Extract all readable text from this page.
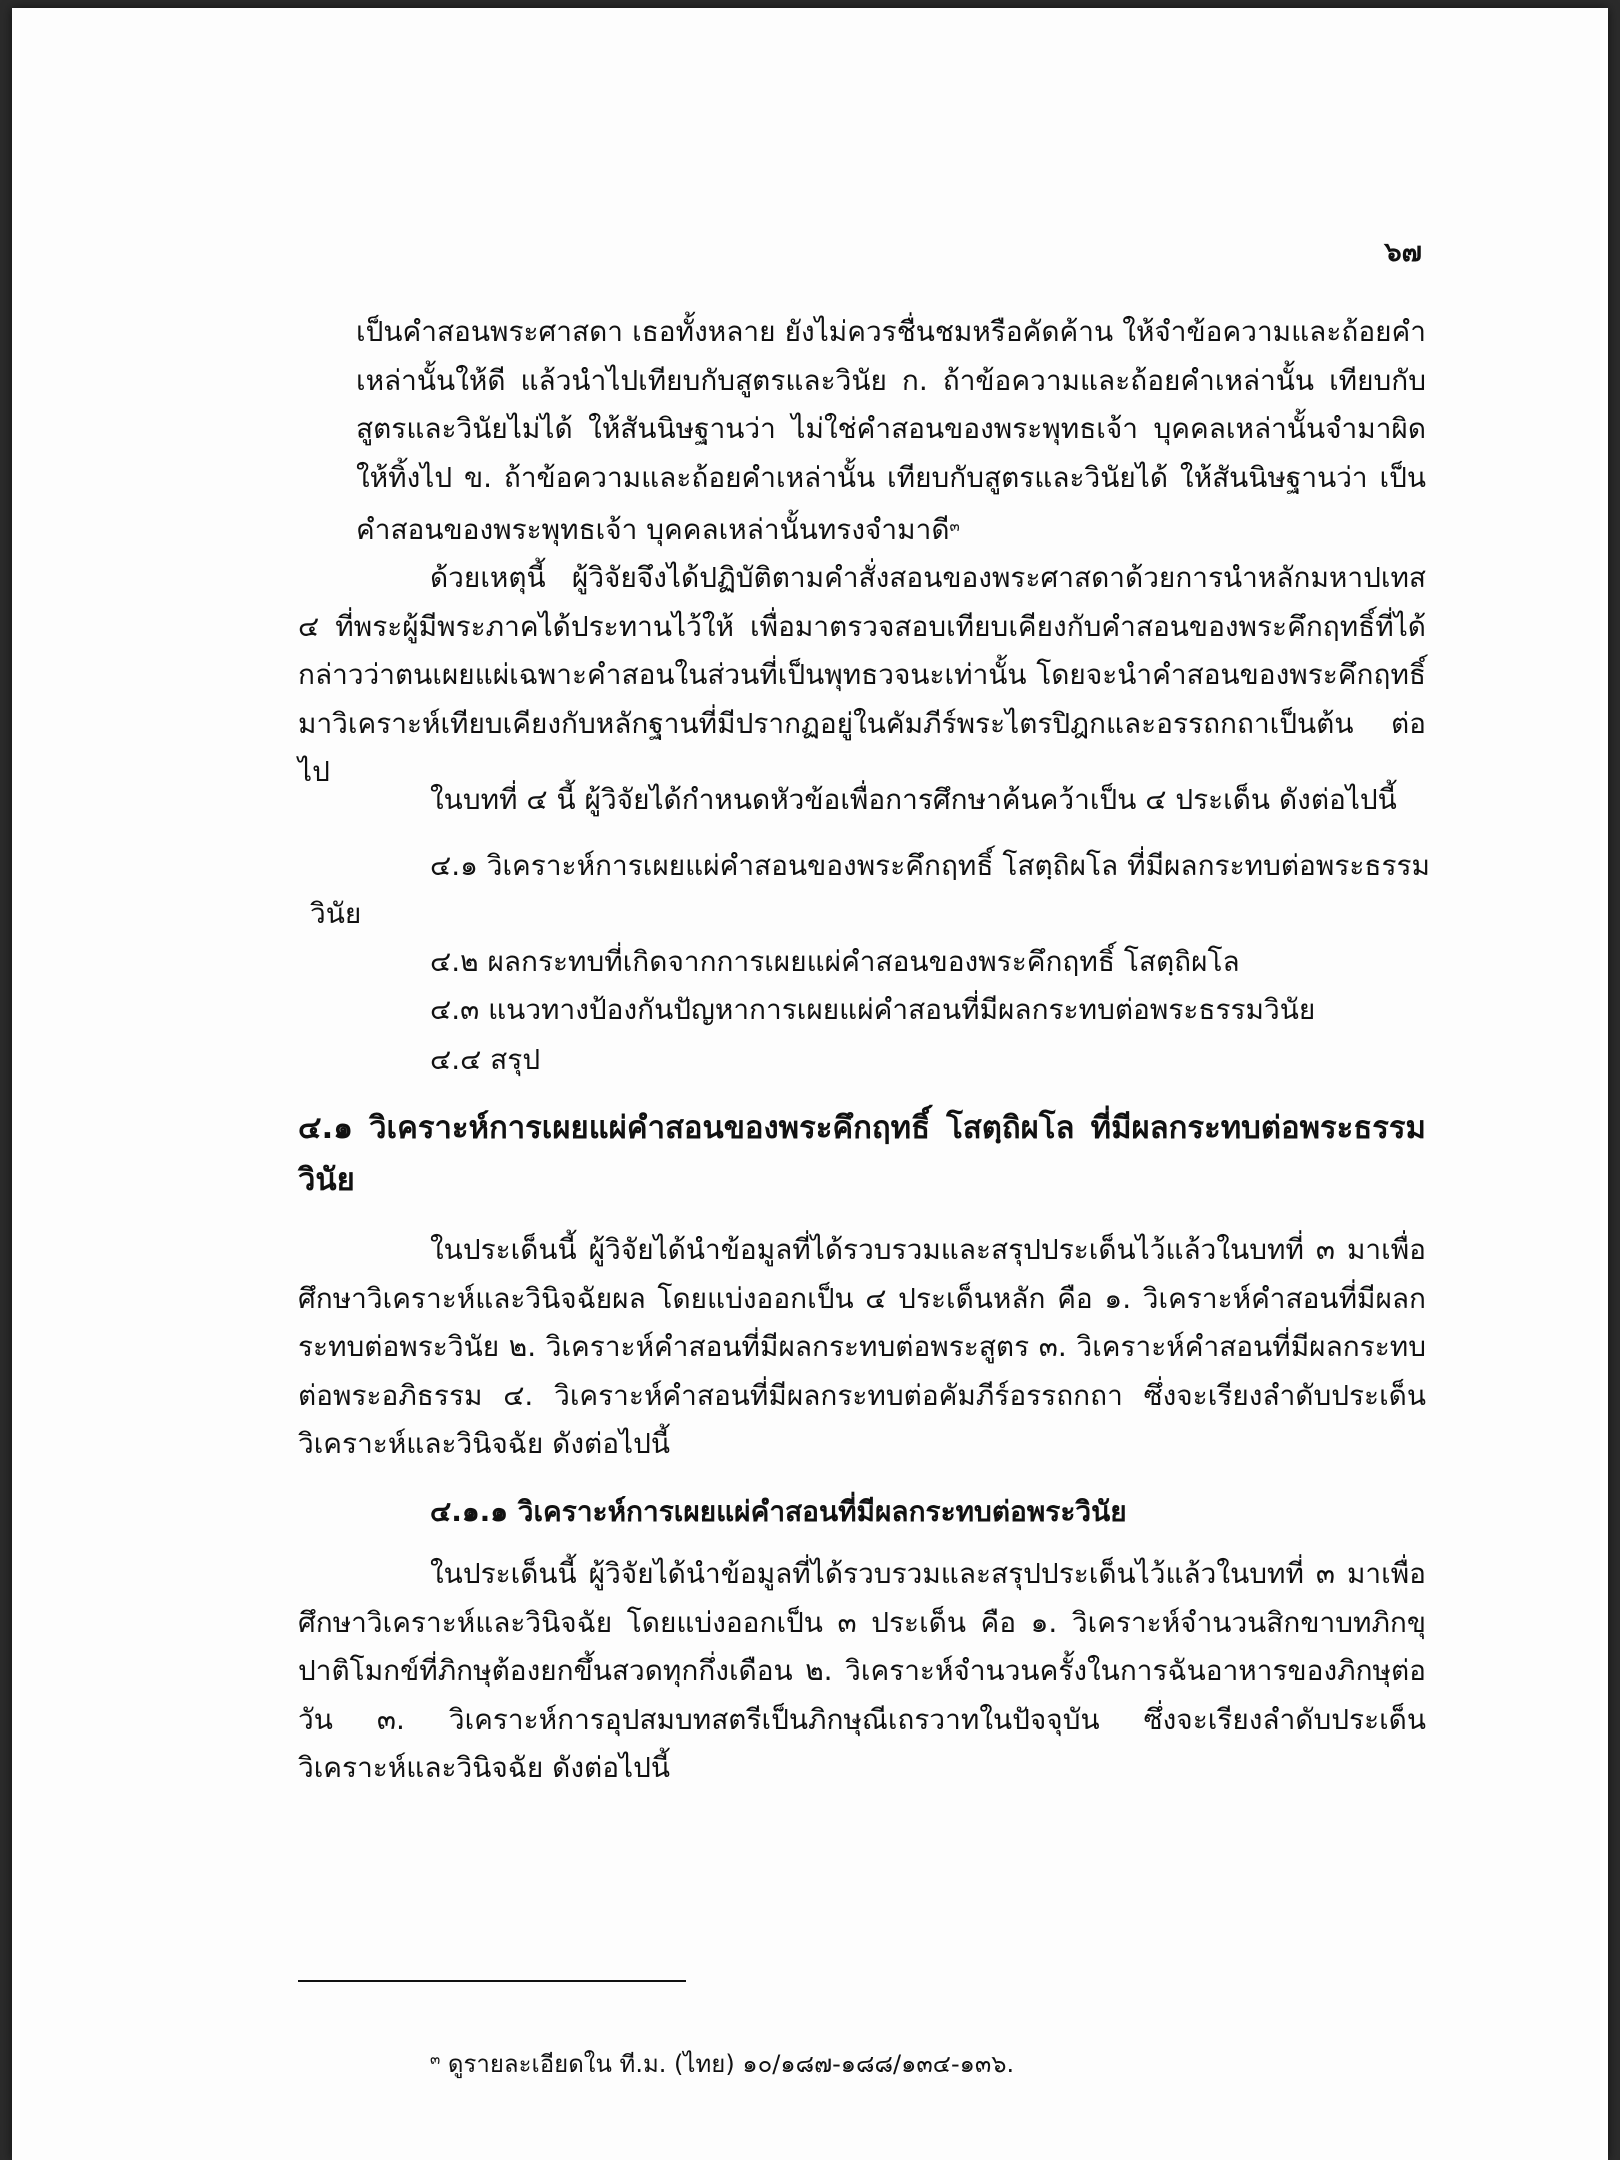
๖๗

เป็นคำสอนพระศาสดา เธอทั้งหลาย ยังไม่ควรชื่นชมหรือคัดค้าน ให้จำข้อความและถ้อยคำเหล่านั้นให้ดี แล้วนำไปเทียบกับสูตรและวินัย ก. ถ้าข้อความและถ้อยคำเหล่านั้น เทียบกับสูตรและวินัยไม่ได้ ให้สันนิษฐานว่า ไม่ใช่คำสอนของพระพุทธเจ้า บุคคลเหล่านั้นจำมาผิด ให้ทิ้งไป ข. ถ้าข้อความและถ้อยคำเหล่านั้น เทียบกับสูตรและวินัยได้ ให้สันนิษฐานว่า เป็นคำสอนของพระพุทธเจ้า บุคคลเหล่านั้นทรงจำมาดี$^๓$

ด้วยเหตุนี้ ผู้วิจัยจึงได้ปฏิบัติตามคำสั่งสอนของพระศาสดาด้วยการนำหลักมหาปเทส ๔ ที่พระผู้มีพระภาคได้ประทานไว้ให้ เพื่อมาตรวจสอบเทียบเคียงกับคำสอนของพระคึกฤทธิ์ที่ได้กล่าวว่าตนเผยแผ่เฉพาะคำสอนในส่วนที่เป็นพุทธวจนะเท่านั้น โดยจะนำคำสอนของพระคึกฤทธิ์มาวิเคราะห์เทียบเคียงกับหลักฐานที่มีปรากฏอยู่ในคัมภีร์พระไตรปิฎกและอรรถกถาเป็นต้น ต่อไป

ในบทที่ ๔ นี้ ผู้วิจัยได้กำหนดหัวข้อเพื่อการศึกษาค้นคว้าเป็น ๔ ประเด็น ดังต่อไปนี้

๔.๑ วิเคราะห์การเผยแผ่คำสอนของพระคึกฤทธิ์ โสตฺถิผโล ที่มีผลกระทบต่อพระธรรม

วินัย

๔.๒ ผลกระทบที่เกิดจากการเผยแผ่คำสอนของพระคึกฤทธิ์ โสตฺถิผโล

๔.๓ แนวทางป้องกันปัญหาการเผยแผ่คำสอนที่มีผลกระทบต่อพระธรรมวินัย

๔.๔ สรุป

๔.๑ วิเคราะห์การเผยแผ่คำสอนของพระคึกฤทธิ์ โสตฺถิผโล ที่มีผลกระทบต่อพระธรรมวินัย

ในประเด็นนี้ ผู้วิจัยได้นำข้อมูลที่ได้รวบรวมและสรุปประเด็นไว้แล้วในบทที่ ๓ มาเพื่อศึกษาวิเคราะห์และวินิจฉัยผล โดยแบ่งออกเป็น ๔ ประเด็นหลัก คือ ๑. วิเคราะห์คำสอนที่มีผลกระทบต่อพระวินัย ๒. วิเคราะห์คำสอนที่มีผลกระทบต่อพระสูตร ๓. วิเคราะห์คำสอนที่มีผลกระทบต่อพระอภิธรรม ๔. วิเคราะห์คำสอนที่มีผลกระทบต่อคัมภีร์อรรถกถา ซึ่งจะเรียงลำดับประเด็นวิเคราะห์และวินิจฉัย ดังต่อไปนี้

๔.๑.๑ วิเคราะห์การเผยแผ่คำสอนที่มีผลกระทบต่อพระวินัย

ในประเด็นนี้ ผู้วิจัยได้นำข้อมูลที่ได้รวบรวมและสรุปประเด็นไว้แล้วในบทที่ ๓ มาเพื่อศึกษาวิเคราะห์และวินิจฉัย โดยแบ่งออกเป็น ๓ ประเด็น คือ ๑. วิเคราะห์จำนวนสิกขาบทภิกขุปาติโมกข์ที่ภิกษุต้องยกขึ้นสวดทุกกึ่งเดือน ๒. วิเคราะห์จำนวนครั้งในการฉันอาหารของภิกษุต่อวัน ๓. วิเคราะห์การอุปสมบทสตรีเป็นภิกษุณีเถรวาทในปัจจุบัน ซึ่งจะเรียงลำดับประเด็นวิเคราะห์และวินิจฉัย ดังต่อไปนี้

$^๓$ ดูรายละเอียดใน ที.ม. (ไทย) ๑๐/๑๘๗-๑๘๘/๑๓๔-๑๓๖.
